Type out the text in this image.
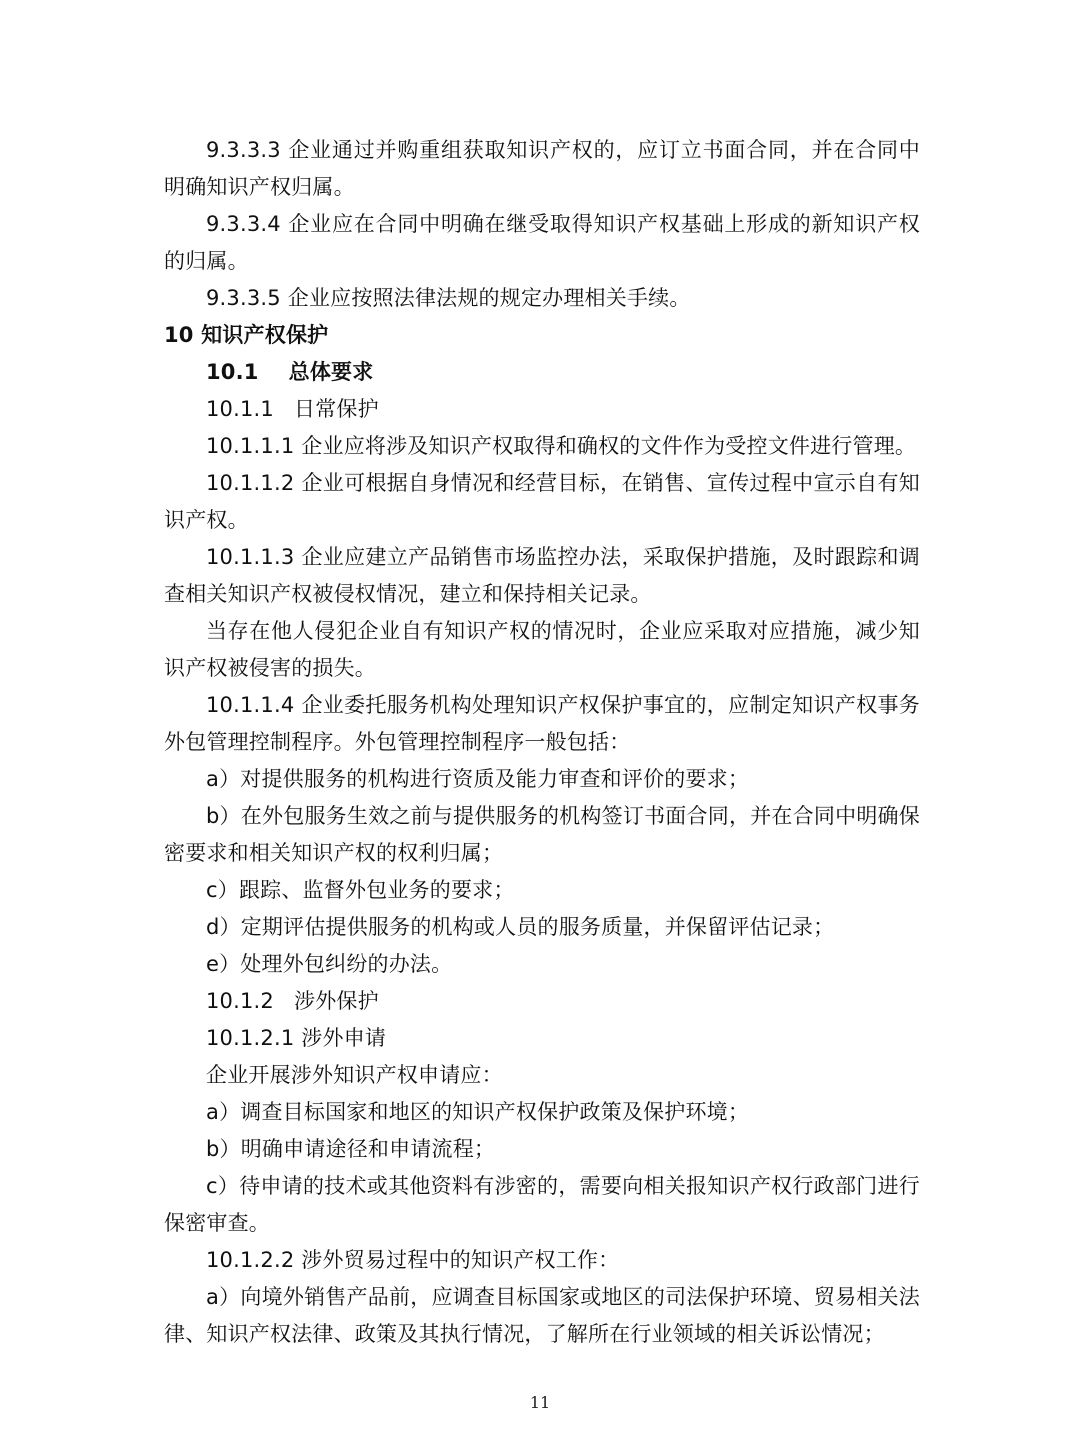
9.3.3.3 企业通过并购重组获取知识产权的，应订立书面合同，并在合同中明确知识产权归属。

9.3.3.4 企业应在合同中明确在继受取得知识产权基础上形成的新知识产权的归属。

9.3.3.5 企业应按照法律法规的规定办理相关手续。

10 知识产权保护

10.1 总体要求

10.1.1 日常保护

10.1.1.1 企业应将涉及知识产权取得和确权的文件作为受控文件进行管理。

10.1.1.2 企业可根据自身情况和经营目标，在销售、宣传过程中宣示自有知识产权。

10.1.1.3 企业应建立产品销售市场监控办法，采取保护措施，及时跟踪和调查相关知识产权被侵权情况，建立和保持相关记录。

当存在他人侵犯企业自有知识产权的情况时，企业应采取对应措施，减少知识产权被侵害的损失。

10.1.1.4 企业委托服务机构处理知识产权保护事宜的，应制定知识产权事务外包管理控制程序。外包管理控制程序一般包括：

a）对提供服务的机构进行资质及能力审查和评价的要求；

b）在外包服务生效之前与提供服务的机构签订书面合同，并在合同中明确保密要求和相关知识产权的权利归属；

c）跟踪、监督外包业务的要求；

d）定期评估提供服务的机构或人员的服务质量，并保留评估记录；

e）处理外包纠纷的办法。

10.1.2 涉外保护

10.1.2.1 涉外申请

企业开展涉外知识产权申请应：

a）调查目标国家和地区的知识产权保护政策及保护环境；

b）明确申请途径和申请流程；

c）待申请的技术或其他资料有涉密的，需要向相关报知识产权行政部门进行保密审查。

10.1.2.2 涉外贸易过程中的知识产权工作：

a）向境外销售产品前，应调查目标国家或地区的司法保护环境、贸易相关法律、知识产权法律、政策及其执行情况，了解所在行业领域的相关诉讼情况；

11
